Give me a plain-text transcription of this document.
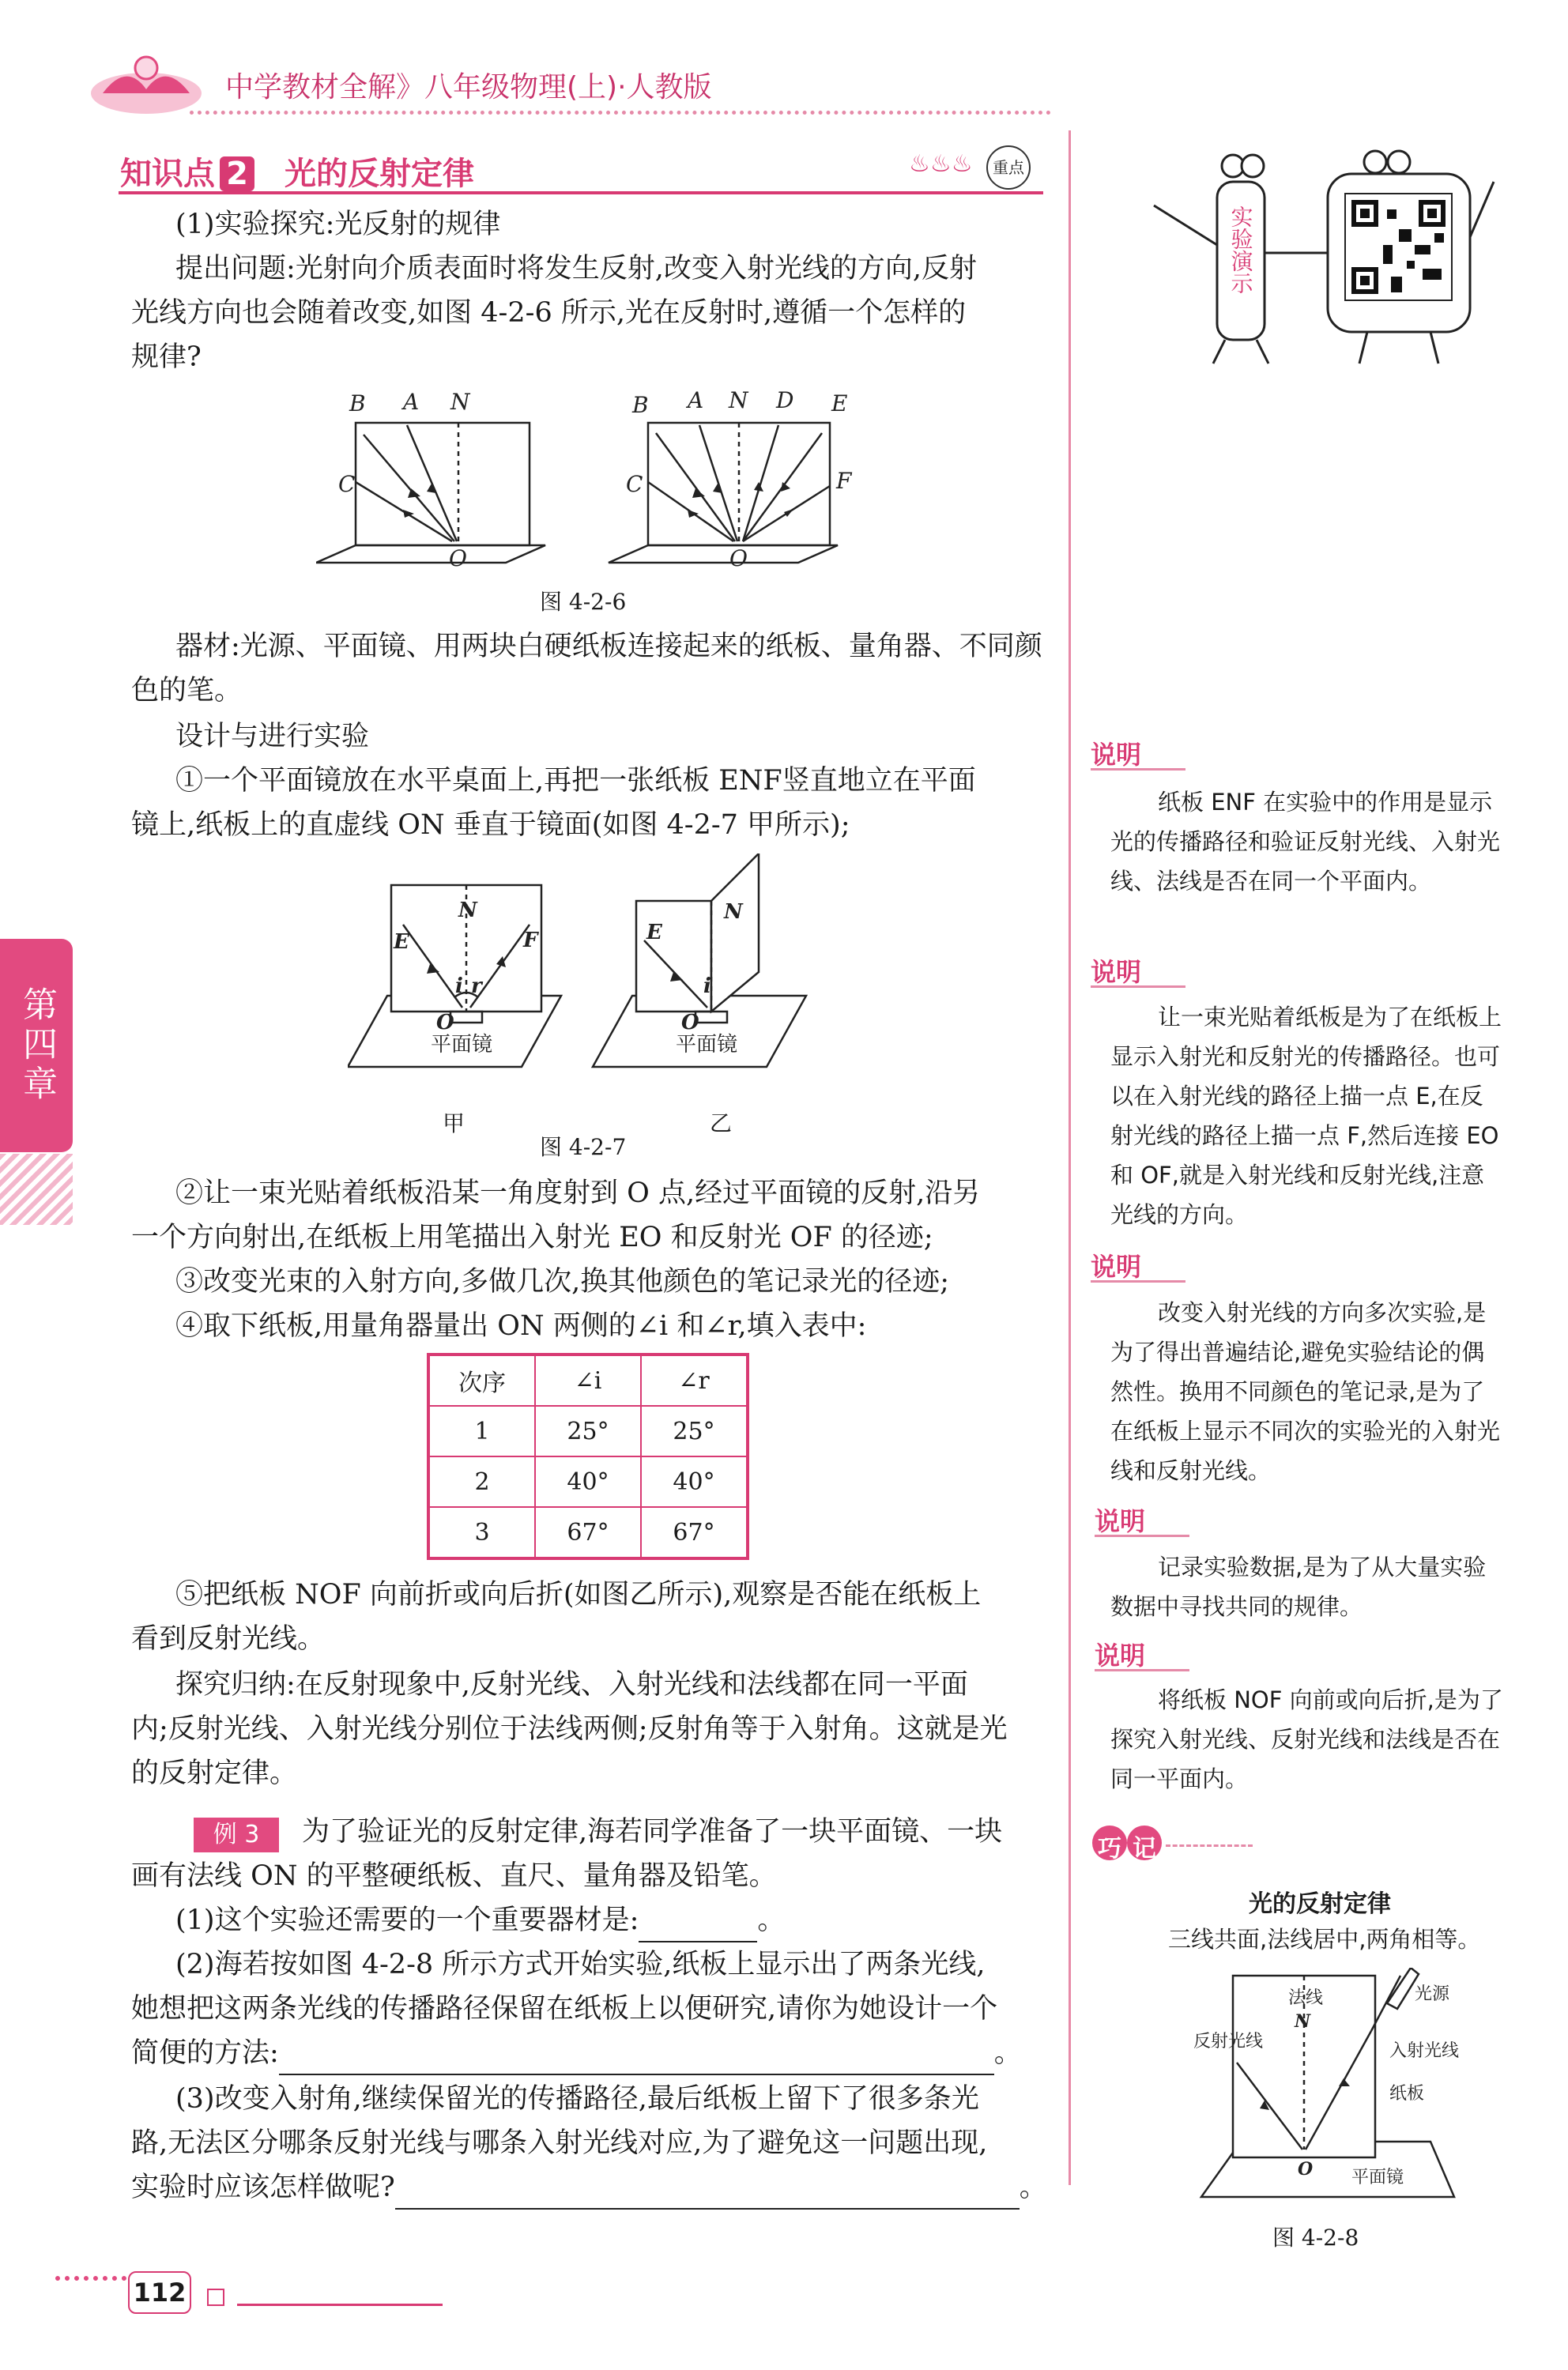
中学教材全解》八年级物理(上)·人教版
知识点 2	光的反射定律	♨♨♨	重点
第四章
(1)实验探究:光反射的规律
提出问题:光射向介质表面时将发生反射,改变入射光线的方向,反射
光线方向也会随着改变,如图 4-2-6 所示,光在反射时,遵循一个怎样的
规律?
B A N
C
O
B A N D E
C	F
O
图 4-2-6
器材:光源、平面镜、用两块白硬纸板连接起来的纸板、量角器、不同颜
色的笔。
设计与进行实验
①一个平面镜放在水平桌面上,再把一张纸板 ENF竖直地立在平面
镜上,纸板上的直虚线 ON 垂直于镜面(如图 4-2-7 甲所示);
N
E	F
i r
O
N
E
i
O
平面镜	平面镜
甲
图 4-2-7
乙
②让一束光贴着纸板沿某一角度射到 O 点,经过平面镜的反射,沿另
一个方向射出,在纸板上用笔描出入射光 EO 和反射光 OF 的径迹;
③改变光束的入射方向,多做几次,换其他颜色的笔记录光的径迹;
④取下纸板,用量角器量出 ON 两侧的∠i 和∠r,填入表中:
次序	∠i	∠r
1	25°	25°
2	40°	40°
3	67°	67°
⑤把纸板 NOF 向前折或向后折(如图乙所示),观察是否能在纸板上
看到反射光线。
探究归纳:在反射现象中,反射光线、入射光线和法线都在同一平面
内;反射光线、入射光线分别位于法线两侧;反射角等于入射角。这就是光
的反射定律。
例 3	为了验证光的反射定律,海若同学准备了一块平面镜、一块
画有法线 ON 的平整硬纸板、直尺、量角器及铅笔。
(1)这个实验还需要的一个重要器材是:	。
(2)海若按如图 4-2-8 所示方式开始实验,纸板上显示出了两条光线,
她想把这两条光线的传播路径保留在纸板上以便研究,请你为她设计一个
简便的方法:	。
(3)改变入射角,继续保留光的传播路径,最后纸板上留下了很多条光
路,无法区分哪条反射光线与哪条入射光线对应,为了避免这一问题出现,
实验时应该怎样做呢?	。
实验演示
说明
纸板 ENF 在实验中的作用是显示
光的传播路径和验证反射光线、入射光
线、法线是否在同一个平面内。
说明
让一束光贴着纸板是为了在纸板上
显示入射光和反射光的传播路径。也可
以在入射光线的路径上描一点 E,在反
射光线的路径上描一点 F,然后连接 EO
和 OF,就是入射光线和反射光线,注意
光线的方向。
说明
改变入射光线的方向多次实验,是
为了得出普遍结论,避免实验结论的偶
然性。换用不同颜色的笔记录,是为了
在纸板上显示不同次的实验光的入射光
线和反射光线。
说明
记录实验数据,是为了从大量实验
数据中寻找共同的规律。
说明
将纸板 NOF 向前或向后折,是为了
探究入射光线、反射光线和法线是否在
同一平面内。
巧 记
光的反射定律
三线共面,法线居中,两角相等。
法线
N
光源
反射光线	入射光线
纸板
O 平面镜
图 4-2-8
112
